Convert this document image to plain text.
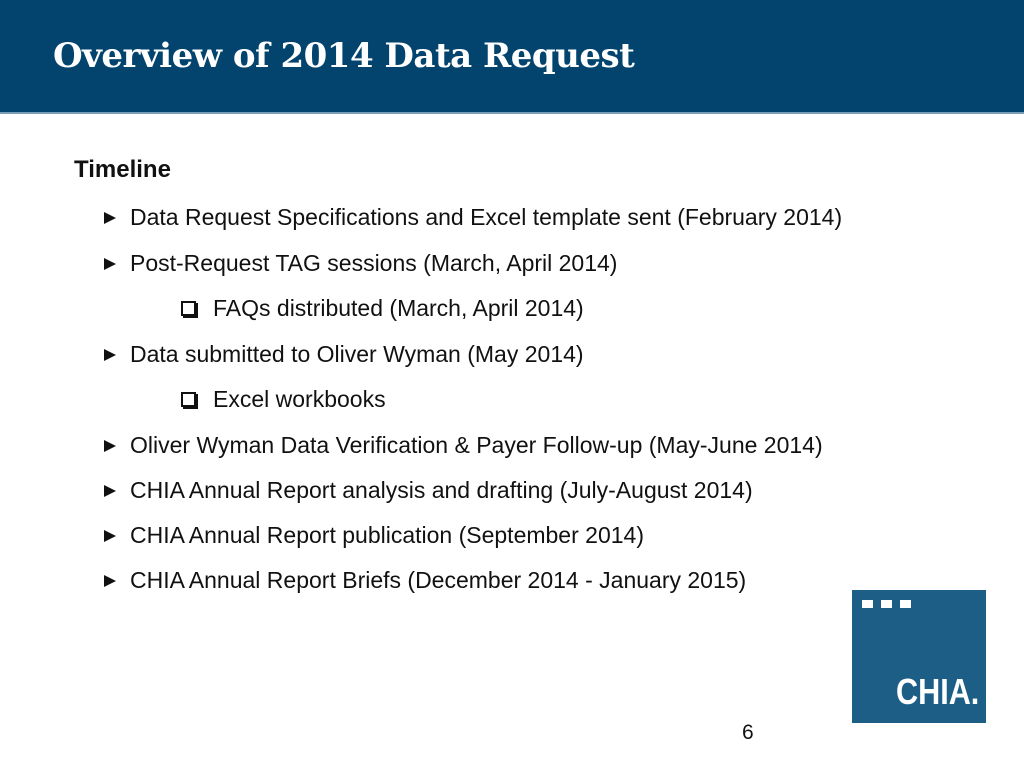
Overview of 2014 Data Request
Timeline
Data Request Specifications and Excel template sent (February 2014)
Post-Request TAG sessions (March, April 2014)
FAQs distributed (March, April 2014)
Data submitted to Oliver Wyman (May 2014)
Excel workbooks
Oliver Wyman Data Verification & Payer Follow-up (May-June 2014)
CHIA Annual Report analysis and drafting (July-August 2014)
CHIA Annual Report publication (September 2014)
CHIA Annual Report Briefs (December 2014 - January 2015)
CHIA.
6
